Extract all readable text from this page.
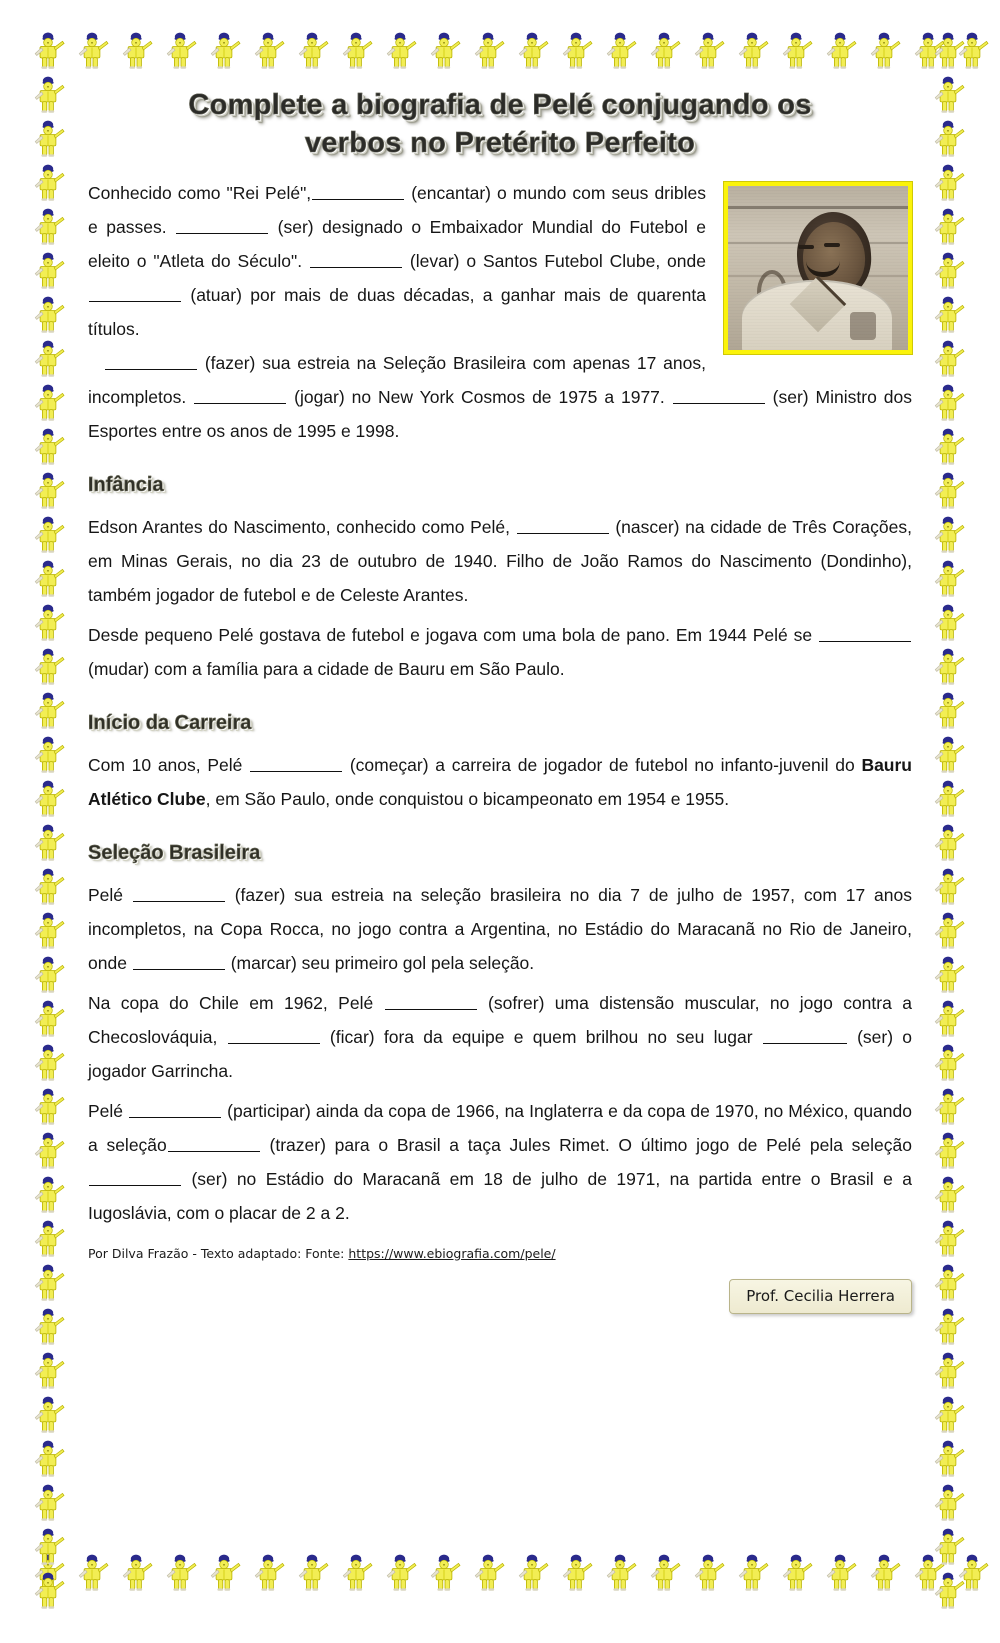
Complete a biografia de Pelé conjugando os
verbos no Pretérito Perfeito

Conhecido como "Rei Pelé",	(encantar) o mundo com seus dribles e passes.	(ser) designado o Embaixador Mundial do Futebol e eleito o "Atleta do Século".	(levar) o Santos Futebol Clube, onde  (atuar) por mais de duas décadas, a ganhar mais de quarenta títulos.

(fazer) sua estreia na Seleção Brasileira com apenas 17 anos, incompletos.	(jogar) no New York Cosmos de 1975 a 1977.	(ser) Ministro dos Esportes entre os anos de 1995 e 1998.

Infância

Edson Arantes do Nascimento, conhecido como Pelé,	(nascer) na cidade de Três Corações, em Minas Gerais, no dia 23 de outubro de 1940. Filho de João Ramos do Nascimento (Dondinho), também jogador de futebol e de Celeste Arantes.

Desde pequeno Pelé gostava de futebol e jogava com uma bola de pano. Em 1944 Pelé se  (mudar) com a família para a cidade de Bauru em São Paulo.

Início da Carreira

Com 10 anos, Pelé	(começar) a carreira de jogador de futebol no infanto-juvenil do Bauru Atlético Clube, em São Paulo, onde conquistou o bicampeonato em 1954 e 1955.

Seleção Brasileira

Pelé	(fazer) sua estreia na seleção brasileira no dia 7 de julho de 1957, com 17 anos incompletos, na Copa Rocca, no jogo contra a Argentina, no Estádio do Maracanã no Rio de Janeiro, onde	(marcar) seu primeiro gol pela seleção.

Na copa do Chile em 1962, Pelé	(sofrer) uma distensão muscular, no jogo contra a Checoslováquia,	(ficar) fora da equipe e quem brilhou no seu lugar	(ser) o jogador Garrincha.

Pelé	(participar) ainda da copa de 1966, na Inglaterra e da copa de 1970, no México, quando a seleção	(trazer) para o Brasil a taça Jules Rimet. O último jogo de Pelé pela seleção  (ser) no Estádio do Maracanã em 18 de julho de 1971, na partida entre o Brasil e a Iugoslávia, com o placar de 2 a 2.

Por Dilva Frazão - Texto adaptado: Fonte: https://www.ebiografia.com/pele/
Prof. Cecilia Herrera
